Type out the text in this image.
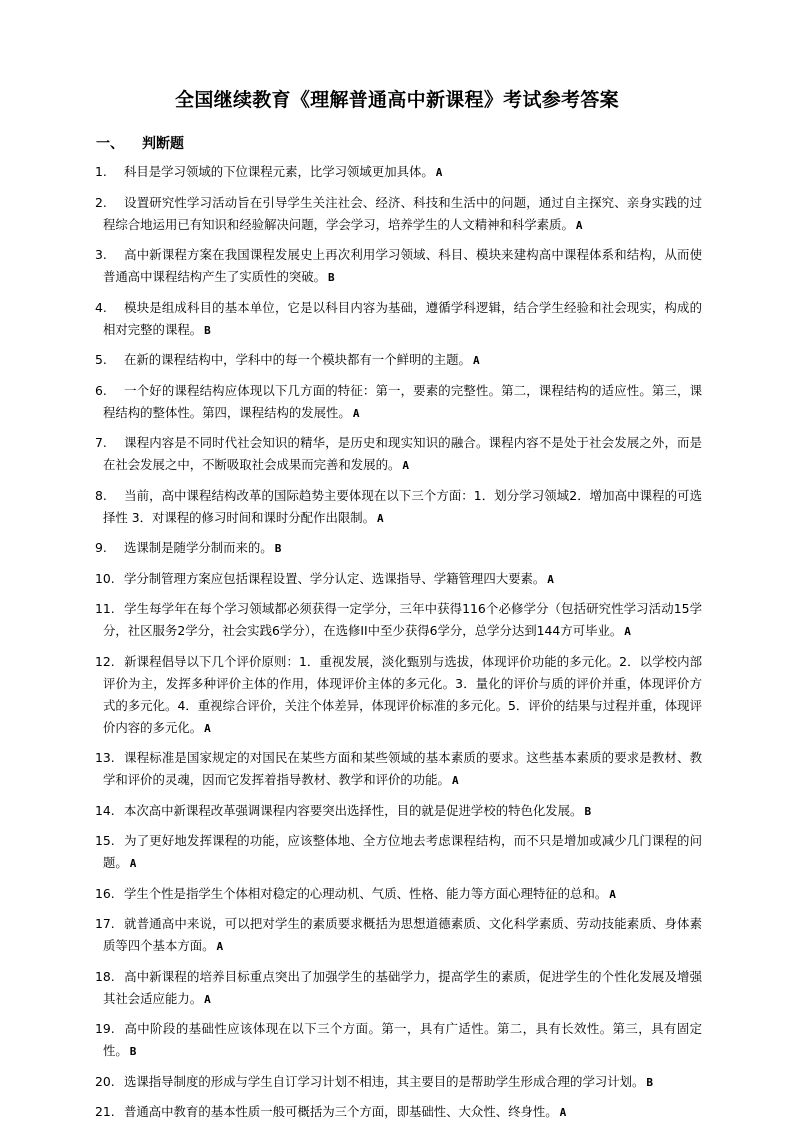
全国继续教育《理解普通高中新课程》考试参考答案
一、	判断题
1. 科目是学习领域的下位课程元素，比学习领域更加具体。 A
2. 设置研究性学习活动旨在引导学生关注社会、经济、科技和生活中的问题，通过自主探究、亲身实践的过程综合地运用已有知识和经验解决问题，学会学习，培养学生的人文精神和科学素质。 A
3. 高中新课程方案在我国课程发展史上再次利用学习领域、科目、模块来建构高中课程体系和结构，从而使普通高中课程结构产生了实质性的突破。 B
4. 模块是组成科目的基本单位，它是以科目内容为基础，遵循学科逻辑，结合学生经验和社会现实，构成的相对完整的课程。 B
5. 在新的课程结构中，学科中的每一个模块都有一个鲜明的主题。 A
6. 一个好的课程结构应体现以下几方面的特征：第一，要素的完整性。第二，课程结构的适应性。第三，课程结构的整体性。第四，课程结构的发展性。 A
7. 课程内容是不同时代社会知识的精华，是历史和现实知识的融合。课程内容不是处于社会发展之外，而是在社会发展之中，不断吸取社会成果而完善和发展的。 A
8. 当前，高中课程结构改革的国际趋势主要体现在以下三个方面：1．划分学习领域2．增加高中课程的可选择性 3．对课程的修习时间和课时分配作出限制。 A
9. 选课制是随学分制而来的。 B
10. 学分制管理方案应包括课程设置、学分认定、选课指导、学籍管理四大要素。 A
11. 学生每学年在每个学习领域都必须获得一定学分，三年中获得116个必修学分（包括研究性学习活动15学分，社区服务2学分，社会实践6学分），在选修II中至少获得6学分，总学分达到144方可毕业。 A
12. 新课程倡导以下几个评价原则：1．重视发展，淡化甄别与选拔，体现评价功能的多元化。2．以学校内部评价为主，发挥多种评价主体的作用，体现评价主体的多元化。3．量化的评价与质的评价并重，体现评价方式的多元化。4．重视综合评价，关注个体差异，体现评价标准的多元化。5．评价的结果与过程并重，体现评价内容的多元化。 A
13. 课程标准是国家规定的对国民在某些方面和某些领域的基本素质的要求。这些基本素质的要求是教材、教学和评价的灵魂，因而它发挥着指导教材、教学和评价的功能。 A
14. 本次高中新课程改革强调课程内容要突出选择性，目的就是促进学校的特色化发展。 B
15. 为了更好地发挥课程的功能，应该整体地、全方位地去考虑课程结构，而不只是增加或减少几门课程的问题。 A
16. 学生个性是指学生个体相对稳定的心理动机、气质、性格、能力等方面心理特征的总和。 A
17. 就普通高中来说，可以把对学生的素质要求概括为思想道德素质、文化科学素质、劳动技能素质、身体素质等四个基本方面。 A
18. 高中新课程的培养目标重点突出了加强学生的基础学力，提高学生的素质，促进学生的个性化发展及增强其社会适应能力。 A
19. 高中阶段的基础性应该体现在以下三个方面。第一，具有广适性。第二，具有长效性。第三，具有固定性。 B
20. 选课指导制度的形成与学生自订学习计划不相违，其主要目的是帮助学生形成合理的学习计划。 B
21. 普通高中教育的基本性质一般可概括为三个方面，即基础性、大众性、终身性。 A
